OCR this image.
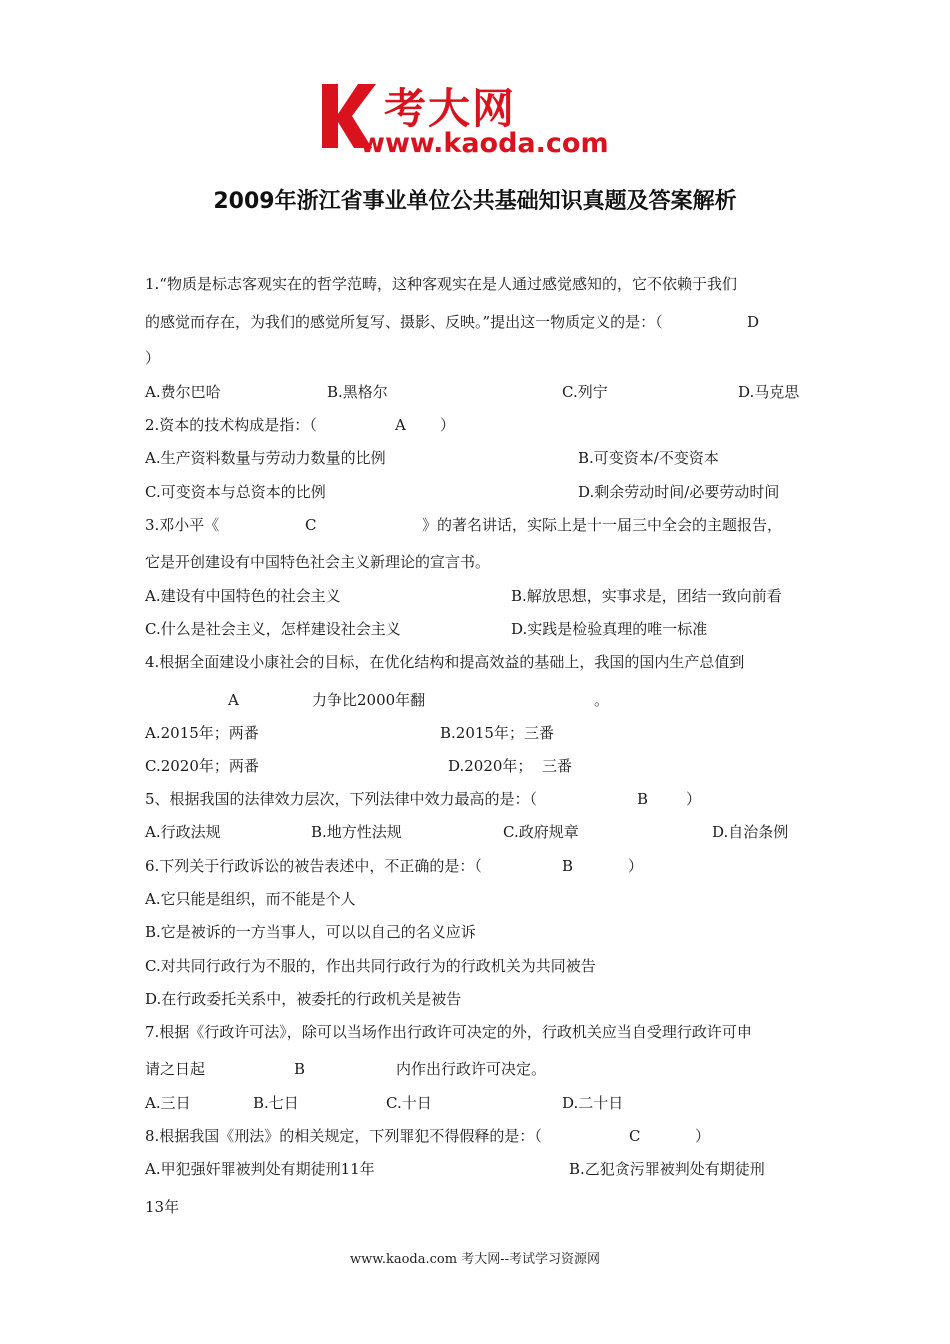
考大网
www.kaoda.com
2009年浙江省事业单位公共基础知识真题及答案解析
1.“物质是标志客观实在的哲学范畴，这种客观实在是人通过感觉感知的，它不依赖于我们
的感觉而存在，为我们的感觉所复写、摄影、反映。”提出这一物质定义的是：（	D
）
A.费尔巴哈	B.黑格尔	C.列宁	D.马克思
2.资本的技术构成是指：（	A ）
A.生产资料数量与劳动力数量的比例	B.可变资本/不变资本
C.可变资本与总资本的比例	D.剩余劳动时间/必要劳动时间
3.邓小平《	C	》的著名讲话，实际上是十一届三中全会的主题报告，
它是开创建设有中国特色社会主义新理论的宣言书。
A.建设有中国特色的社会主义	B.解放思想，实事求是，团结一致向前看
C.什么是社会主义，怎样建设社会主义	D.实践是检验真理的唯一标准
4.根据全面建设小康社会的目标，在优化结构和提高效益的基础上，我国的国内生产总值到
A	力争比2000年翻	。
A.2015年；两番	B.2015年；三番
C.2020年；两番	D.2020年；  三番
5、根据我国的法律效力层次，下列法律中效力最高的是：（	B	）
A.行政法规	B.地方性法规	C.政府规章	D.自治条例
6.下列关于行政诉讼的被告表述中，不正确的是：（	B	）
A.它只能是组织，而不能是个人
B.它是被诉的一方当事人，可以以自己的名义应诉
C.对共同行政行为不服的，作出共同行政行为的行政机关为共同被告
D.在行政委托关系中，被委托的行政机关是被告
7.根据《行政许可法》，除可以当场作出行政许可决定的外，行政机关应当自受理行政许可申
请之日起	B	内作出行政许可决定。
A.三日	B.七日	C.十日	D.二十日
8.根据我国《刑法》的相关规定，下列罪犯不得假释的是：（	C	）
A.甲犯强奸罪被判处有期徒刑11年	B.乙犯贪污罪被判处有期徒刑
13年
www.kaoda.com 考大网--考试学习资源网
